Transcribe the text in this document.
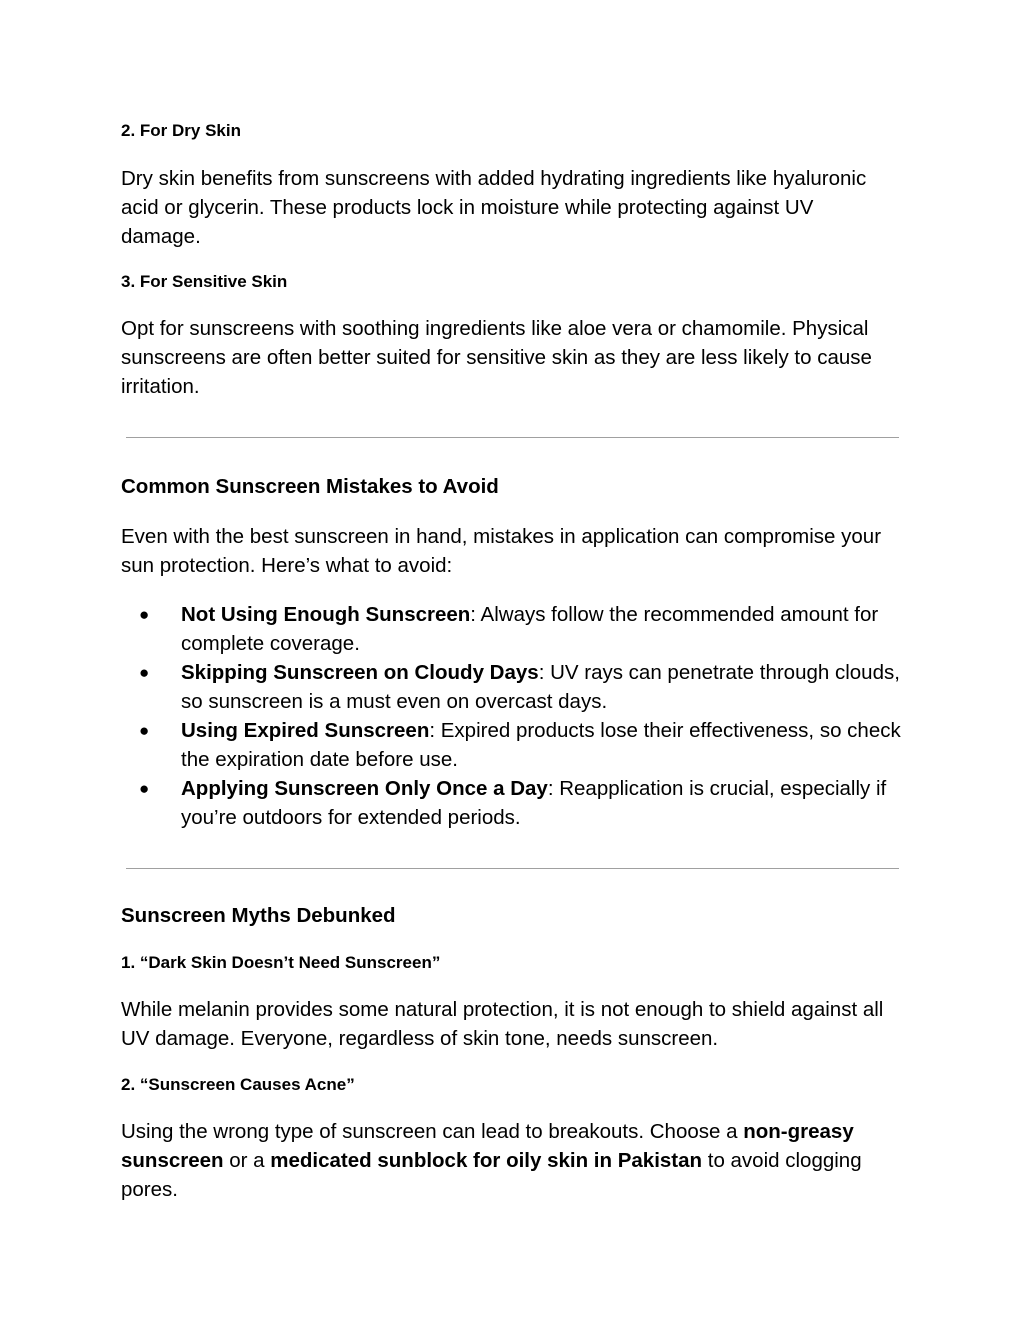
2. For Dry Skin

Dry skin benefits from sunscreens with added hydrating ingredients like hyaluronic acid or glycerin. These products lock in moisture while protecting against UV damage.

3. For Sensitive Skin

Opt for sunscreens with soothing ingredients like aloe vera or chamomile. Physical sunscreens are often better suited for sensitive skin as they are less likely to cause irritation.

Common Sunscreen Mistakes to Avoid

Even with the best sunscreen in hand, mistakes in application can compromise your sun protection. Here’s what to avoid:

● Not Using Enough Sunscreen: Always follow the recommended amount for complete coverage.
● Skipping Sunscreen on Cloudy Days: UV rays can penetrate through clouds, so sunscreen is a must even on overcast days.
● Using Expired Sunscreen: Expired products lose their effectiveness, so check the expiration date before use.
● Applying Sunscreen Only Once a Day: Reapplication is crucial, especially if you’re outdoors for extended periods.
Sunscreen Myths Debunked
1. “Dark Skin Doesn’t Need Sunscreen”

While melanin provides some natural protection, it is not enough to shield against all UV damage. Everyone, regardless of skin tone, needs sunscreen.

2. “Sunscreen Causes Acne”

Using the wrong type of sunscreen can lead to breakouts. Choose a non-greasy sunscreen or a medicated sunblock for oily skin in Pakistan to avoid clogging pores.
